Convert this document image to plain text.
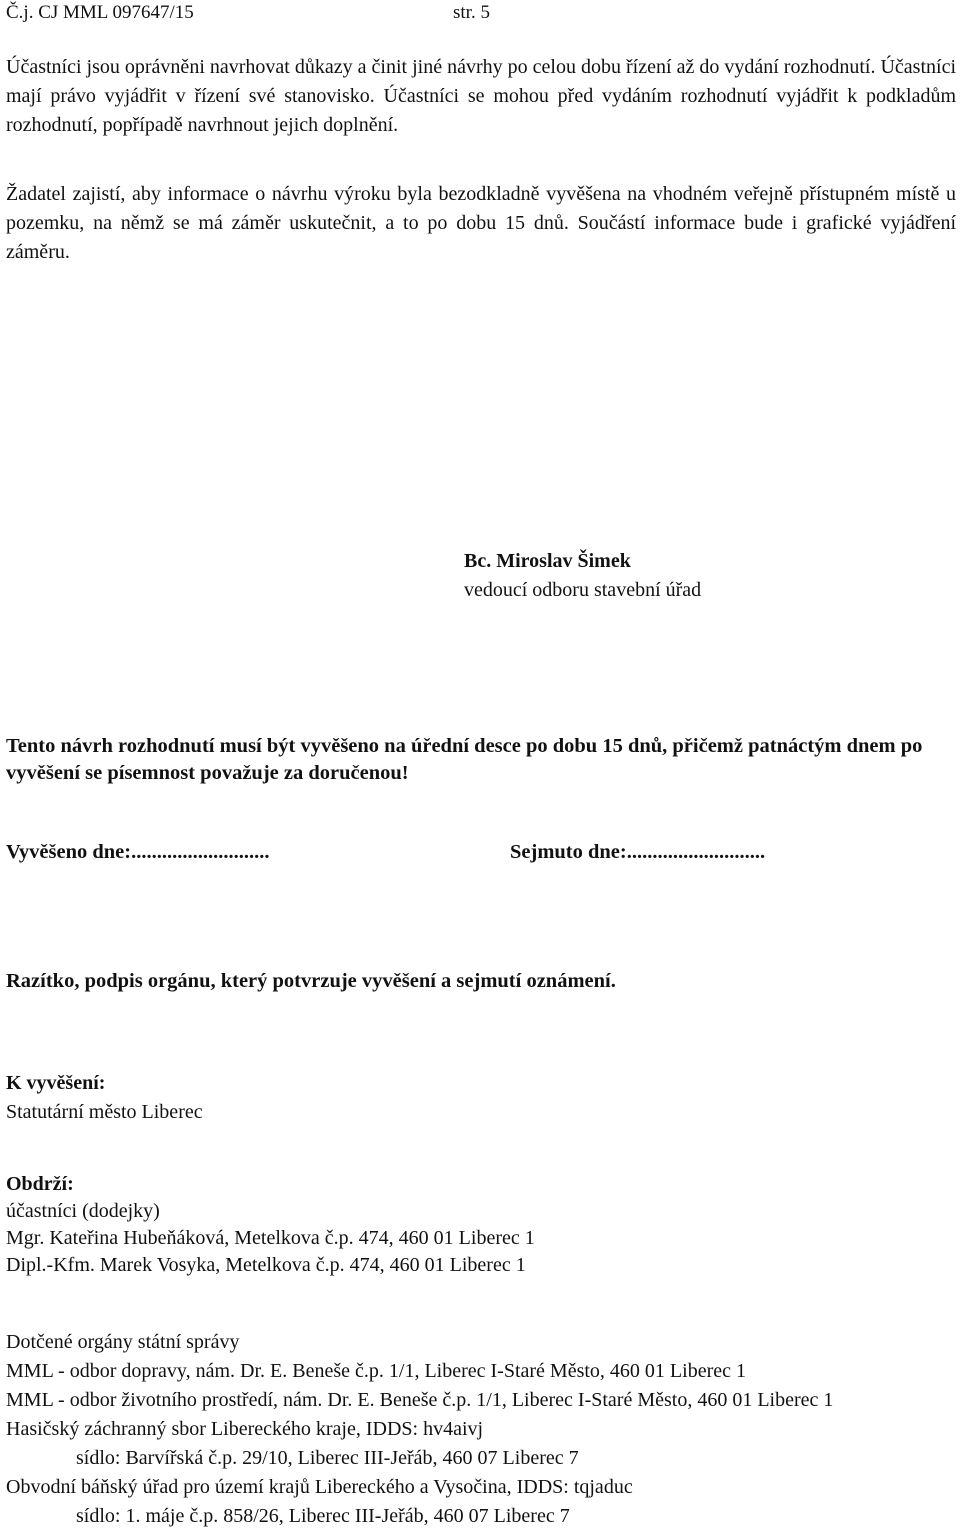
Č.j. CJ MML 097647/15	str. 5
Účastníci jsou oprávněni navrhovat důkazy a činit jiné návrhy po celou dobu řízení až do vydání rozhodnutí. Účastníci mají právo vyjádřit v řízení své stanovisko. Účastníci se mohou před vydáním rozhodnutí vyjádřit k podkladům rozhodnutí, popřípadě navrhnout jejich doplnění.
Žadatel zajistí, aby informace o návrhu výroku byla bezodkladně vyvěšena na vhodném veřejně přístupném místě u pozemku, na němž se má záměr uskutečnit, a to po dobu 15 dnů. Součástí informace bude i grafické vyjádření záměru.
Bc. Miroslav Šimek
vedoucí odboru stavební úřad
Tento návrh rozhodnutí musí být vyvěšeno na úřední desce po dobu 15 dnů, přičemž patnáctým dnem po vyvěšení se písemnost považuje za doručenou!
Vyvěšeno dne:...........................	Sejmuto dne:...........................
Razítko, podpis orgánu, který potvrzuje vyvěšení a sejmutí oznámení.
K vyvěšení:
Statutární město Liberec
Obdrží:
účastníci (dodejky)
Mgr. Kateřina Hubeňáková, Metelkova č.p. 474, 460 01 Liberec 1
Dipl.-Kfm. Marek Vosyka, Metelkova č.p. 474, 460 01 Liberec 1
Dotčené orgány státní správy
MML - odbor dopravy, nám. Dr. E. Beneše č.p. 1/1, Liberec I-Staré Město, 460 01 Liberec 1
MML - odbor životního prostředí, nám. Dr. E. Beneše č.p. 1/1, Liberec I-Staré Město, 460 01 Liberec 1
Hasičský záchranný sbor Libereckého kraje, IDDS: hv4aivj
sídlo: Barvířská č.p. 29/10, Liberec III-Jeřáb, 460 07 Liberec 7
Obvodní báňský úřad pro území krajů Libereckého a Vysočina, IDDS: tqjaduc
sídlo: 1. máje č.p. 858/26, Liberec III-Jeřáb, 460 07 Liberec 7
